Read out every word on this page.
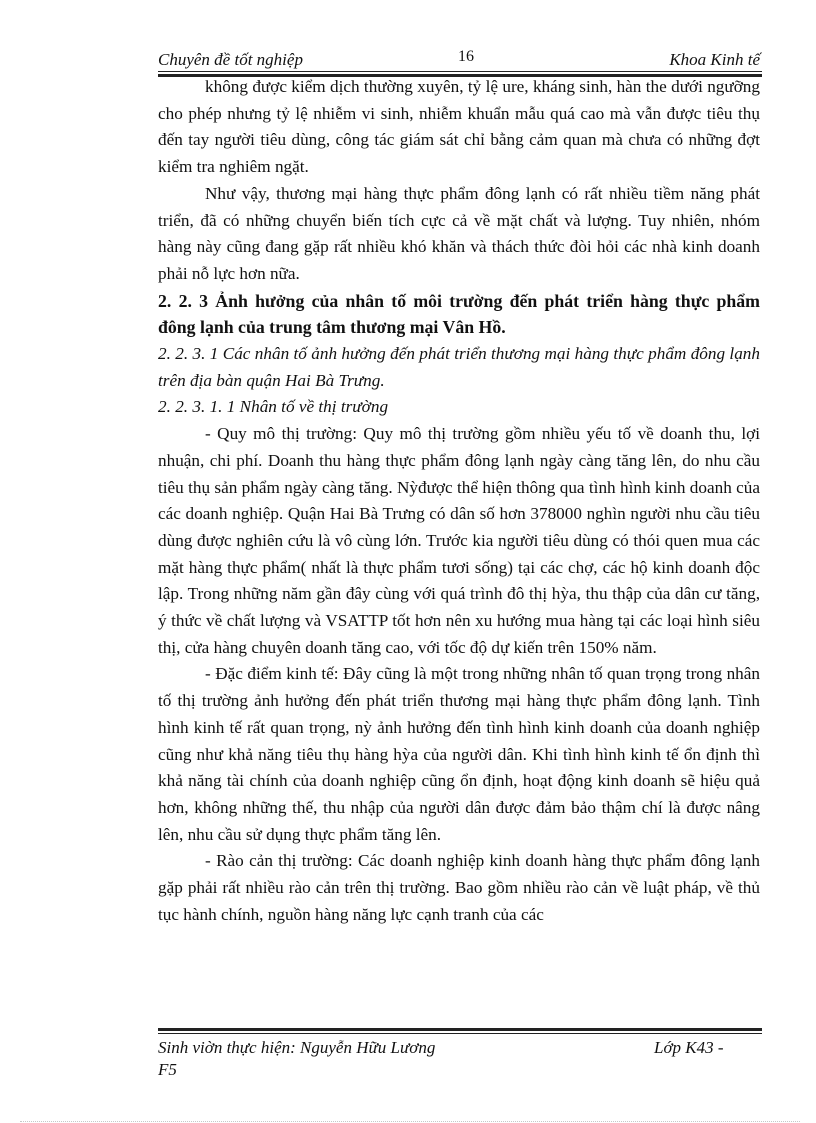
Chuyên đề tốt nghiệp	16	Khoa Kinh tế

không được kiểm dịch thường xuyên, tỷ lệ ure, kháng sinh, hàn the dưới ngưỡng cho phép nhưng tỷ lệ nhiễm vi sinh, nhiễm khuẩn mẫu quá cao mà vẫn được tiêu thụ đến tay người tiêu dùng, công tác giám sát chỉ bằng cảm quan mà chưa có những đợt kiểm tra nghiêm ngặt.

Như vậy, thương mại hàng thực phẩm đông lạnh có rất nhiều tiềm năng phát triển, đã có những chuyển biến tích cực cả về mặt chất và lượng. Tuy nhiên, nhóm hàng này cũng đang gặp rất nhiều khó khăn và thách thức đòi hỏi các nhà kinh doanh phải nỗ lực hơn nữa.

2. 2. 3 Ảnh hưởng của nhân tố môi trường đến phát triển hàng thực phẩm đông lạnh của trung tâm thương mại Vân Hồ.

2. 2. 3. 1 Các nhân tố ảnh hưởng đến phát triển thương mại hàng thực phẩm đông lạnh trên địa bàn quận Hai Bà Trưng.

2. 2. 3. 1. 1 Nhân tố về thị trường

- Quy mô thị trường: Quy mô thị trường gồm nhiều yếu tố về doanh thu, lợi nhuận, chi phí. Doanh thu hàng thực phẩm đông lạnh ngày càng tăng lên, do nhu cầu tiêu thụ sản phẩm ngày càng tăng. Nỳđược thể hiện thông qua tình hình kinh doanh của các doanh nghiệp. Quận Hai Bà Trưng có dân số hơn 378000 nghìn người nhu cầu tiêu dùng được nghiên cứu là vô cùng lớn. Trước kia người tiêu dùng có thói quen mua các mặt hàng thực phẩm( nhất là thực phẩm tươi sống) tại các chợ, các hộ kinh doanh độc lập. Trong những năm gần đây cùng với quá trình đô thị hỳa, thu thập của dân cư tăng, ý thức về chất lượng và VSATTP tốt hơn nên xu hướng mua hàng tại các loại hình siêu thị, cửa hàng chuyên doanh tăng cao, với tốc độ dự kiến trên 150% năm.

- Đặc điểm kinh tế: Đây cũng là một trong những nhân tố quan trọng trong nhân tố thị trường ảnh hưởng đến phát triển thương mại hàng thực phẩm đông lạnh. Tình hình kinh tế rất quan trọng, nỳ ảnh hưởng đến tình hình kinh doanh của doanh nghiệp cũng như khả năng tiêu thụ hàng hỳa của người dân. Khi tình hình kinh tế ổn định thì khả năng tài chính của doanh nghiệp cũng ổn định, hoạt động kinh doanh sẽ hiệu quả hơn, không những thế, thu nhập của người dân được đảm bảo thậm chí là được nâng lên, nhu cầu sử dụng thực phẩm tăng lên.

- Rào cản thị trường: Các doanh nghiệp kinh doanh hàng thực phẩm đông lạnh gặp phải rất nhiều rào cản trên thị trường. Bao gồm nhiều rào cản về luật pháp, về thủ tục hành chính, nguồn hàng năng lực cạnh tranh của các

Sinh viờn thực hiện: Nguyễn Hữu Lương	Lớp K43 -
F5
